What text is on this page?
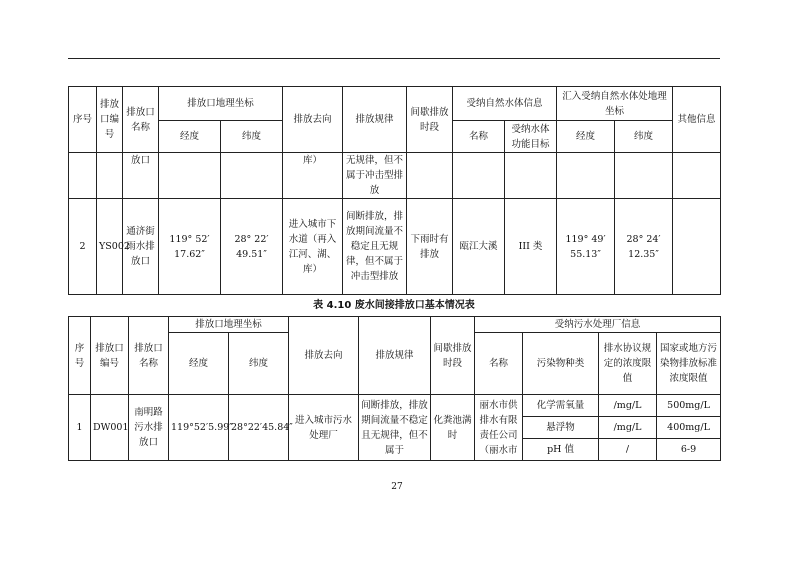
序号	排放口编号	排放口名称	排放口地理坐标		排放去向	排放规律	间歇排放时段	受纳自然水体信息		汇入受纳自然水体处地理坐标		其他信息
			经度	纬度				名称	受纳水体功能目标	经度	纬度	
		放口			库）	无规律，但不属于冲击型排放						
2	YS002	通济街雨水排放口	119° 52′ 17.62″	28° 22′ 49.51″	进入城市下水道（再入江河、湖、库）	间断排放，排放期间流量不稳定且无规律，但不属于冲击型排放	下雨时有排放	瓯江大溪	III 类	119° 49′ 55.13″	28° 24′ 12.35″	
表 4.10 废水间接排放口基本情况表
序号	排放口编号	排放口名称	排放口地理坐标		排放去向	排放规律	间歇排放时段	受纳污水处理厂信息			
			经度	纬度				名称	污染物种类	排水协议规定的浓度限值	国家或地方污染物排放标准浓度限值
1	DW001	南明路污水排放口	119°52′5.99″	28°22′45.84″	进入城市污水处理厂	间断排放，排放期间流量不稳定且无规律，但不属于	化粪池满时	丽水市供排水有限责任公司（丽水市	化学需氧量	/mg/L	500mg/L
									悬浮物	/mg/L	400mg/L
									pH 值	/	6-9
27
